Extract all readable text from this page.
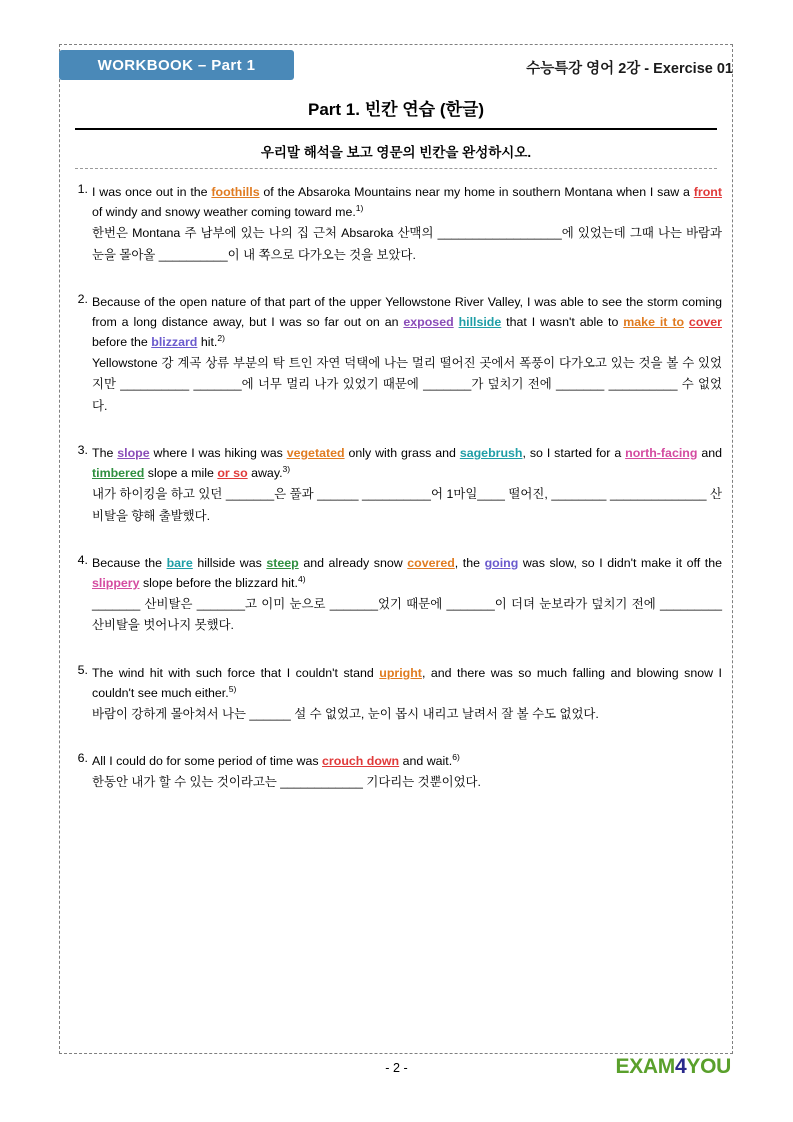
WORKBOOK – Part 1	수능특강 영어 2강 - Exercise 01
Part 1. 빈칸 연습 (한글)
우리말 해석을 보고 영문의 빈칸을 완성하시오.
1. I was once out in the foothills of the Absaroka Mountains near my home in southern Montana when I saw a front of windy and snowy weather coming toward me.$^{1)}$
한번은 Montana 주 남부에 있는 나의 집 근처 Absaroka 산맥의 __________________에 있었는데 그때 나는 바람과 눈을 몰아올 __________이 내 쪽으로 다가오는 것을 보았다.
2. Because of the open nature of that part of the upper Yellowstone River Valley, I was able to see the storm coming from a long distance away, but I was so far out on an exposed hillside that I wasn't able to make it to cover before the blizzard hit.$^{2)}$
Yellowstone 강 계곡 상류 부분의 탁 트인 자연 덕택에 나는 멀리 떨어진 곳에서 폭풍이 다가오고 있는 것을 볼 수 있었지만 __________ _______에 너무 멀리 나가 있었기 때문에 _______가 덮치기 전에 _______ __________ 수 없었다.
3. The slope where I was hiking was vegetated only with grass and sagebrush, so I started for a north-facing and timbered slope a mile or so away.$^{3)}$
내가 하이킹을 하고 있던 _______은 풀과 ______ __________어 1마일____ 떨어진, ________ ______________ 산비탈을 향해 출발했다.
4. Because the bare hillside was steep and already snow covered, the going was slow, so I didn't make it off the slippery slope before the blizzard hit.$^{4)}$
_______ 산비탈은 _______고 이미 눈으로 _______었기 때문에 _______이 더뎌 눈보라가 덮치기 전에 _________ 산비탈을 벗어나지 못했다.
5. The wind hit with such force that I couldn't stand upright, and there was so much falling and blowing snow I couldn't see much either.$^{5)}$
바람이 강하게 몰아쳐서 나는 ______ 설 수 없었고, 눈이 몹시 내리고 날려서 잘 볼 수도 없었다.
6. All I could do for some period of time was crouch down and wait.$^{6)}$
한동안 내가 할 수 있는 것이라고는 ____________ 기다리는 것뿐이었다.
- 2 -	EXAM4YOU
